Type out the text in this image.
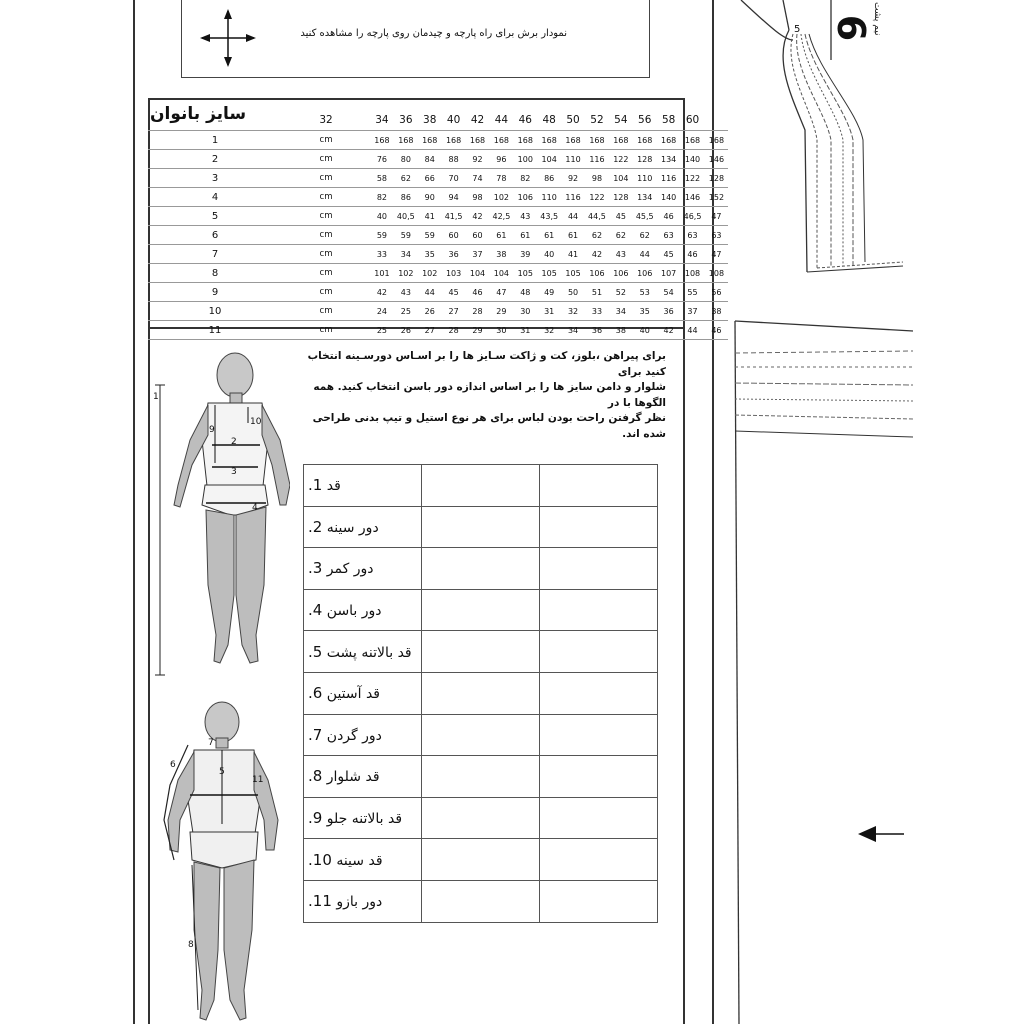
نمودار برش برای راه پارچه و چیدمان روی پارچه را مشاهده کنید
سایز بانوان
		32	34	36	38	40	42	44	46	48	50	52	54	56	58	60	
1	cm	168	168	168	168	168	168	168	168	168	168	168	168	168	168	168
2	cm	76	80	84	88	92	96	100	104	110	116	122	128	134	140	146
3	cm	58	62	66	70	74	78	82	86	92	98	104	110	116	122	128
4	cm	82	86	90	94	98	102	106	110	116	122	128	134	140	146	152
5	cm	40	40,5	41	41,5	42	42,5	43	43,5	44	44,5	45	45,5	46	46,5	47
6	cm	59	59	59	60	60	61	61	61	61	62	62	62	63	63	63
7	cm	33	34	35	36	37	38	39	40	41	42	43	44	45	46	47
8	cm	101	102	102	103	104	104	105	105	105	106	106	106	107	108	108
9	cm	42	43	44	45	46	47	48	49	50	51	52	53	54	55	56
10	cm	24	25	26	27	28	29	30	31	32	33	34	35	36	37	38
11	cm	25	26	27	28	29	30	31	32	34	36	38	40	42	44	46
1
10
9
2
3
4
7
6
5
11
8
برای پیراهن ،بلوز، کت و ژاکت سـایز ها را بر اسـاس دورسـینه انتخاب کنید برای
شلوار و دامن سایز ها را بر اساس اندازه دور باسن انتخاب کنید. همه الگوها با در
نظر گرفتن راحت بودن لباس برای هر نوع استیل و تیپ بدنی طراحی شده اند.
قد 1.		
دور سینه 2.		
دور کمر 3.		
دور باسن 4.		
قد بالاتنه پشت 5.		
قد آستین 6.		
دور گردن 7.		
قد شلوار 8.		
قد بالاتنه جلو 9.		
قد سینه 10.		
دور بازو 11.		
5 6
نیم پشت
